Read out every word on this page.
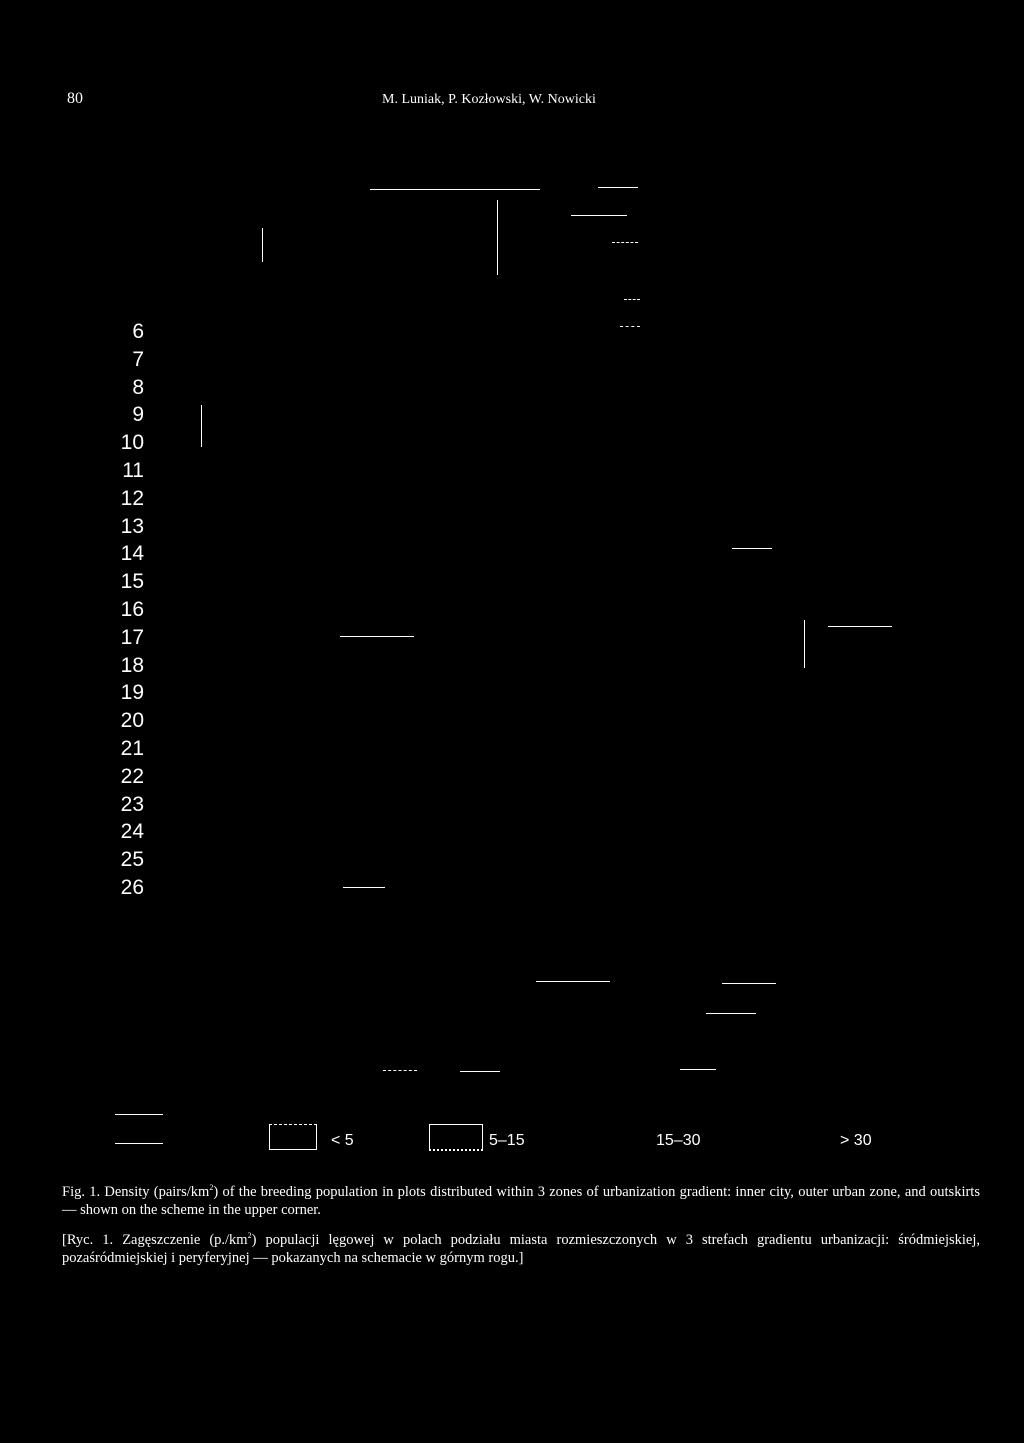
80	M. Luniak, P. Kozłowski, W. Nowicki
6
7
8
9
10
11
12
13
14
15
16
17
18
19
20
21
22
23
24
25
26
< 5	5–15	15–30	> 30
Fig. 1. Density $(pairs/km^2)$ of the breeding population in plots distributed within 3 zones of urbanization gradient: inner city, outer urban zone, and outskirts — shown on the scheme in the upper corner.
[Ryc. 1. Zagęszczenie $(p./km^2)$ populacji lęgowej w polach podziału miasta rozmieszczonych w 3 strefach gradientu urbanizacji: śródmiejskiej, pozaśródmiejskiej i peryferyjnej — pokazanych na schemacie w górnym rogu.]
